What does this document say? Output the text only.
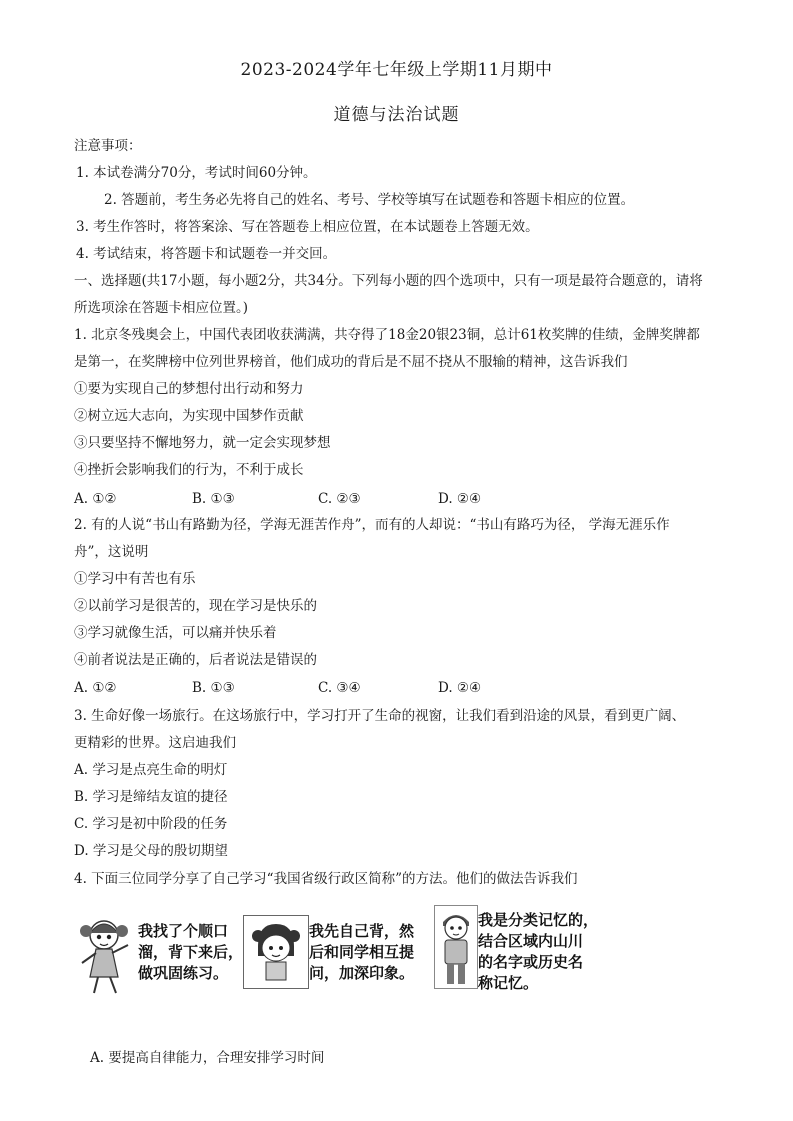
2023-2024学年七年级上学期11月期中
道德与法治试题
注意事项：
1. 本试卷满分70分，考试时间60分钟。
2. 答题前，考生务必先将自己的姓名、考号、学校等填写在试题卷和答题卡相应的位置。
3. 考生作答时，将答案涂、写在答题卷上相应位置，在本试题卷上答题无效。
4. 考试结束，将答题卡和试题卷一并交回。
一、选择题(共17小题，每小题2分，共34分。下列每小题的四个选项中，只有一项是最符合题意的，请将
所选项涂在答题卡相应位置。)
1. 北京冬残奥会上，中国代表团收获满满，共夺得了18金20银23铜，总计61枚奖牌的佳绩，金牌奖牌都
是第一，在奖牌榜中位列世界榜首，他们成功的背后是不屈不挠从不服输的精神，这告诉我们
①要为实现自己的梦想付出行动和努力
②树立远大志向，为实现中国梦作贡献
③只要坚持不懈地努力，就一定会实现梦想
④挫折会影响我们的行为，不利于成长
A. ①②	B. ①③	C. ②③	D. ②④
2. 有的人说“书山有路勤为径，学海无涯苦作舟”，而有的人却说：“书山有路巧为径， 学海无涯乐作
舟”，这说明
①学习中有苦也有乐
②以前学习是很苦的，现在学习是快乐的
③学习就像生活，可以痛并快乐着
④前者说法是正确的，后者说法是错误的
A. ①②	B. ①③	C. ③④	D. ②④
3. 生命好像一场旅行。在这场旅行中，学习打开了生命的视窗，让我们看到沿途的风景，看到更广阔、
更精彩的世界。这启迪我们
A. 学习是点亮生命的明灯
B. 学习是缔结友谊的捷径
C. 学习是初中阶段的任务
D. 学习是父母的殷切期望
4. 下面三位同学分享了自己学习“我国省级行政区简称”的方法。他们的做法告诉我们
我找了个顺口
溜，背下来后，
做巩固练习。
我先自己背，然
后和同学相互提
问，加深印象。
我是分类记忆的，
结合区域内山川
的名字或历史名
称记忆。
A. 要提高自律能力，合理安排学习时间
